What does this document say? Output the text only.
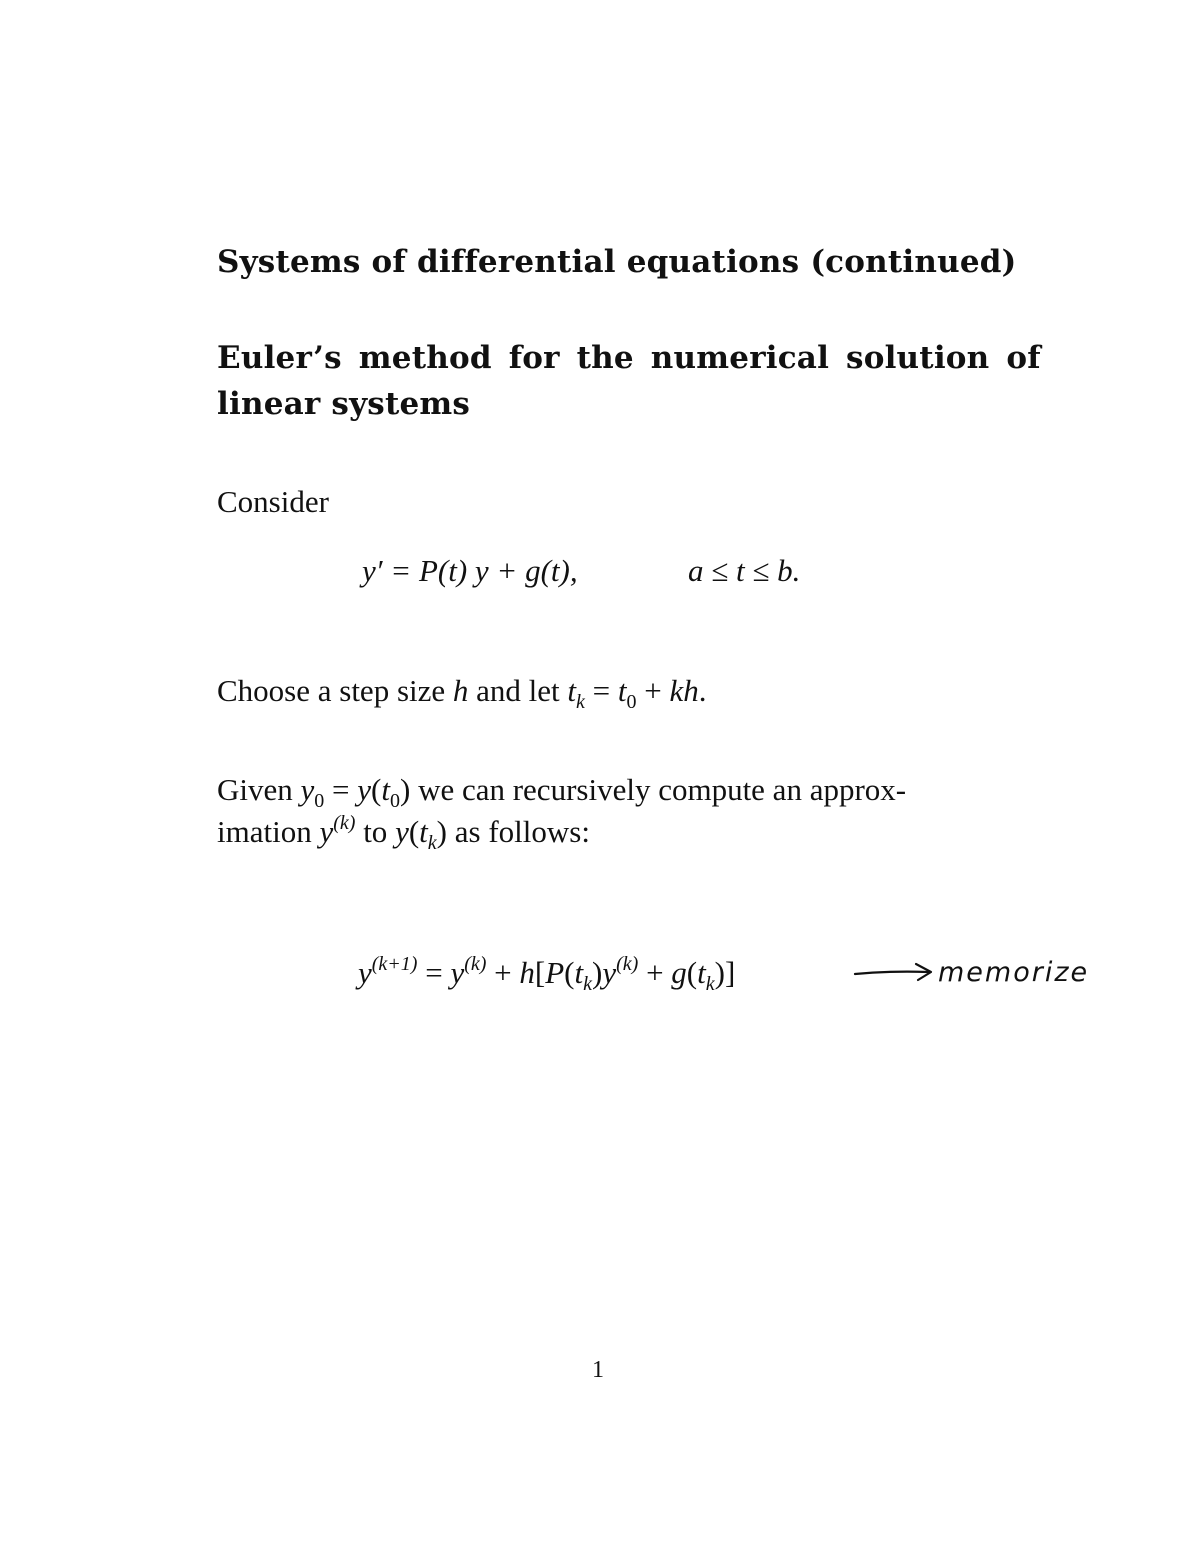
Systems of differential equations (continued)
Euler’s method for the numerical solution of
linear systems
Consider
y′ = P(t) y + g(t),	a ≤ t ≤ b.
Choose a step size h and let $t_k = t_0$ + kh.
Given $y_0 = y(t_0)$ we can recursively compute an approx-
imation $y^{(k)}$ to $y(t_k)$ as follows:
$y^{(k+1)} = y^{(k)} + h[P(t_k)y^{(k)} + g(t_k)]$	memorize
1
